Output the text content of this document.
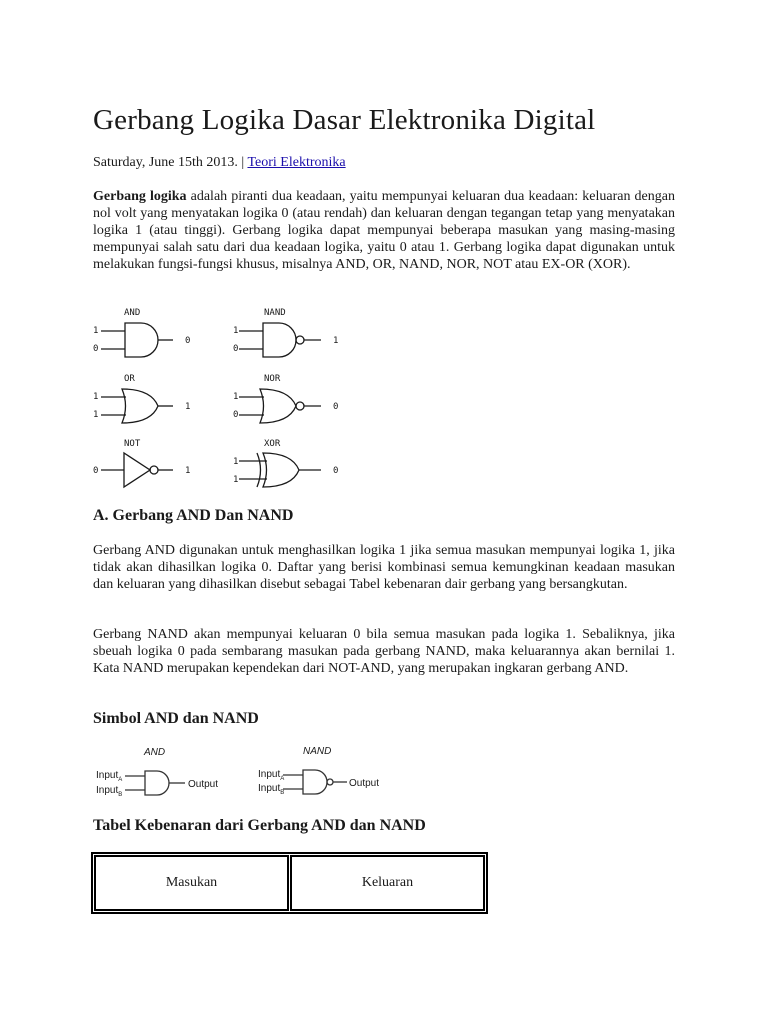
Gerbang Logika Dasar Elektronika Digital
Saturday, June 15th 2013. | Teori Elektronika

Gerbang logika adalah piranti dua keadaan, yaitu mempunyai keluaran dua keadaan: keluaran dengan nol volt yang menyatakan logika 0 (atau rendah) dan keluaran dengan tegangan tetap yang menyatakan logika 1 (atau tinggi). Gerbang logika dapat mempunyai beberapa masukan yang masing-masing mempunyai salah satu dari dua keadaan logika, yaitu 0 atau 1. Gerbang logika dapat digunakan untuk melakukan fungsi-fungsi khusus, misalnya AND, OR, NAND, NOR, NOT atau EX-OR (XOR).

AND
1
0
0
NAND
1
0
1
OR
1
1
1
NOR
1
0
0
NOT
0	1
XOR
1
1
0
A. Gerbang AND Dan NAND

Gerbang AND digunakan untuk menghasilkan logika 1 jika semua masukan mempunyai logika 1, jika tidak akan dihasilkan logika 0. Daftar yang berisi kombinasi semua kemungkinan keadaan masukan dan keluaran yang dihasilkan disebut sebagai Tabel kebenaran dair gerbang yang bersangkutan.

Gerbang NAND akan mempunyai keluaran 0 bila semua masukan pada logika 1. Sebaliknya, jika sbeuah logika 0 pada sembarang masukan pada gerbang NAND, maka keluarannya akan bernilai 1. Kata NAND merupakan kependekan dari NOT-AND, yang merupakan ingkaran gerbang AND.

Simbol AND dan NAND
AND	NAND
Input$_A$
Input$_B$
Output
Input$_A$
Input$_B$
Output
Tabel Kebenaran dari Gerbang AND dan NAND
Masukan	Keluaran
